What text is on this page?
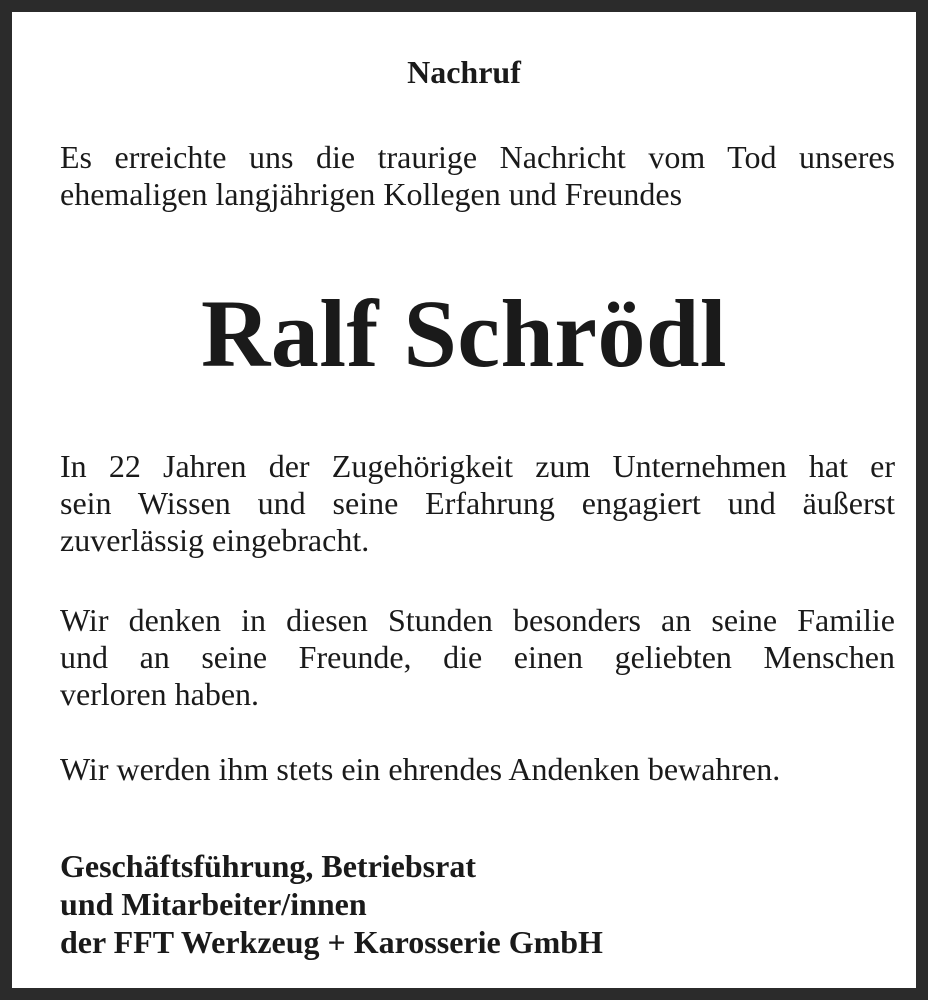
Nachruf
Es erreichte uns die traurige Nachricht vom Tod unseres
ehemaligen langjährigen Kollegen und Freundes
Ralf Schrödl
In 22 Jahren der Zugehörigkeit zum Unternehmen hat er
sein Wissen und seine Erfahrung engagiert und äußerst
zuverlässig eingebracht.
Wir denken in diesen Stunden besonders an seine Familie
und an seine Freunde, die einen geliebten Menschen
verloren haben.
Wir werden ihm stets ein ehrendes Andenken bewahren.
Geschäftsführung, Betriebsrat
und Mitarbeiter/innen
der FFT Werkzeug + Karosserie GmbH
